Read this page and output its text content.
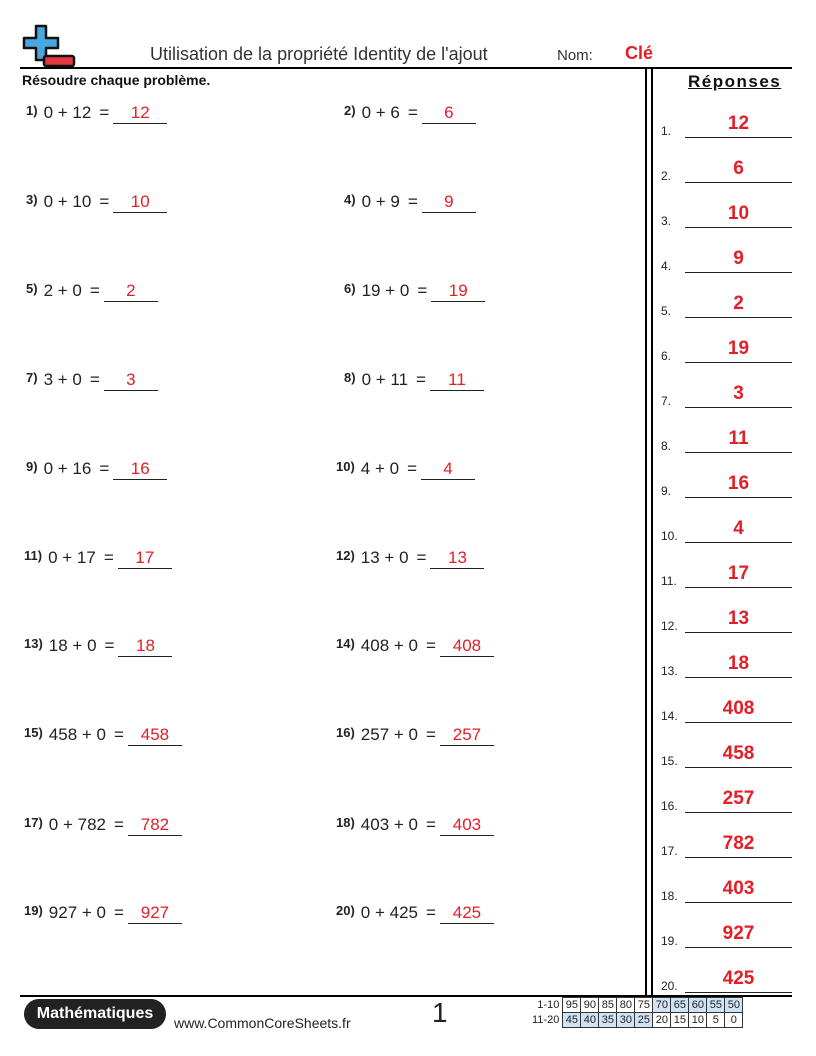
Utilisation de la propriété Identity de l'ajout	Nom: Clé
Résoudre chaque problème.
1) 0 + 12 = 12	2) 0 + 6 = 6
3) 0 + 10 = 10	4) 0 + 9 = 9
5) 2 + 0 = 2	6) 19 + 0 = 19
7) 3 + 0 = 3	8) 0 + 11 = 11
9) 0 + 16 = 16	10) 4 + 0 = 4
11) 0 + 17 = 17	12) 13 + 0 = 13
13) 18 + 0 = 18	14) 408 + 0 = 408
15) 458 + 0 = 458	16) 257 + 0 = 257
17) 0 + 782 = 782	18) 403 + 0 = 403
19) 927 + 0 = 927	20) 0 + 425 = 425
Réponses
1.	12
2.	6
3.	10
4.	9
5.	2
6.	19
7.	3
8.	11
9.	16
10.	4
11.	17
12.	13
13.	18
14.	408
15.	458
16.	257
17.	782
18.	403
19.	927
20.	425
Mathématiques
www.CommonCoreSheets.fr	1	1-10	95	90	85	80	75	70	65	60	55	50
11-20	45	40	35	30	25	20	15	10	5	0
